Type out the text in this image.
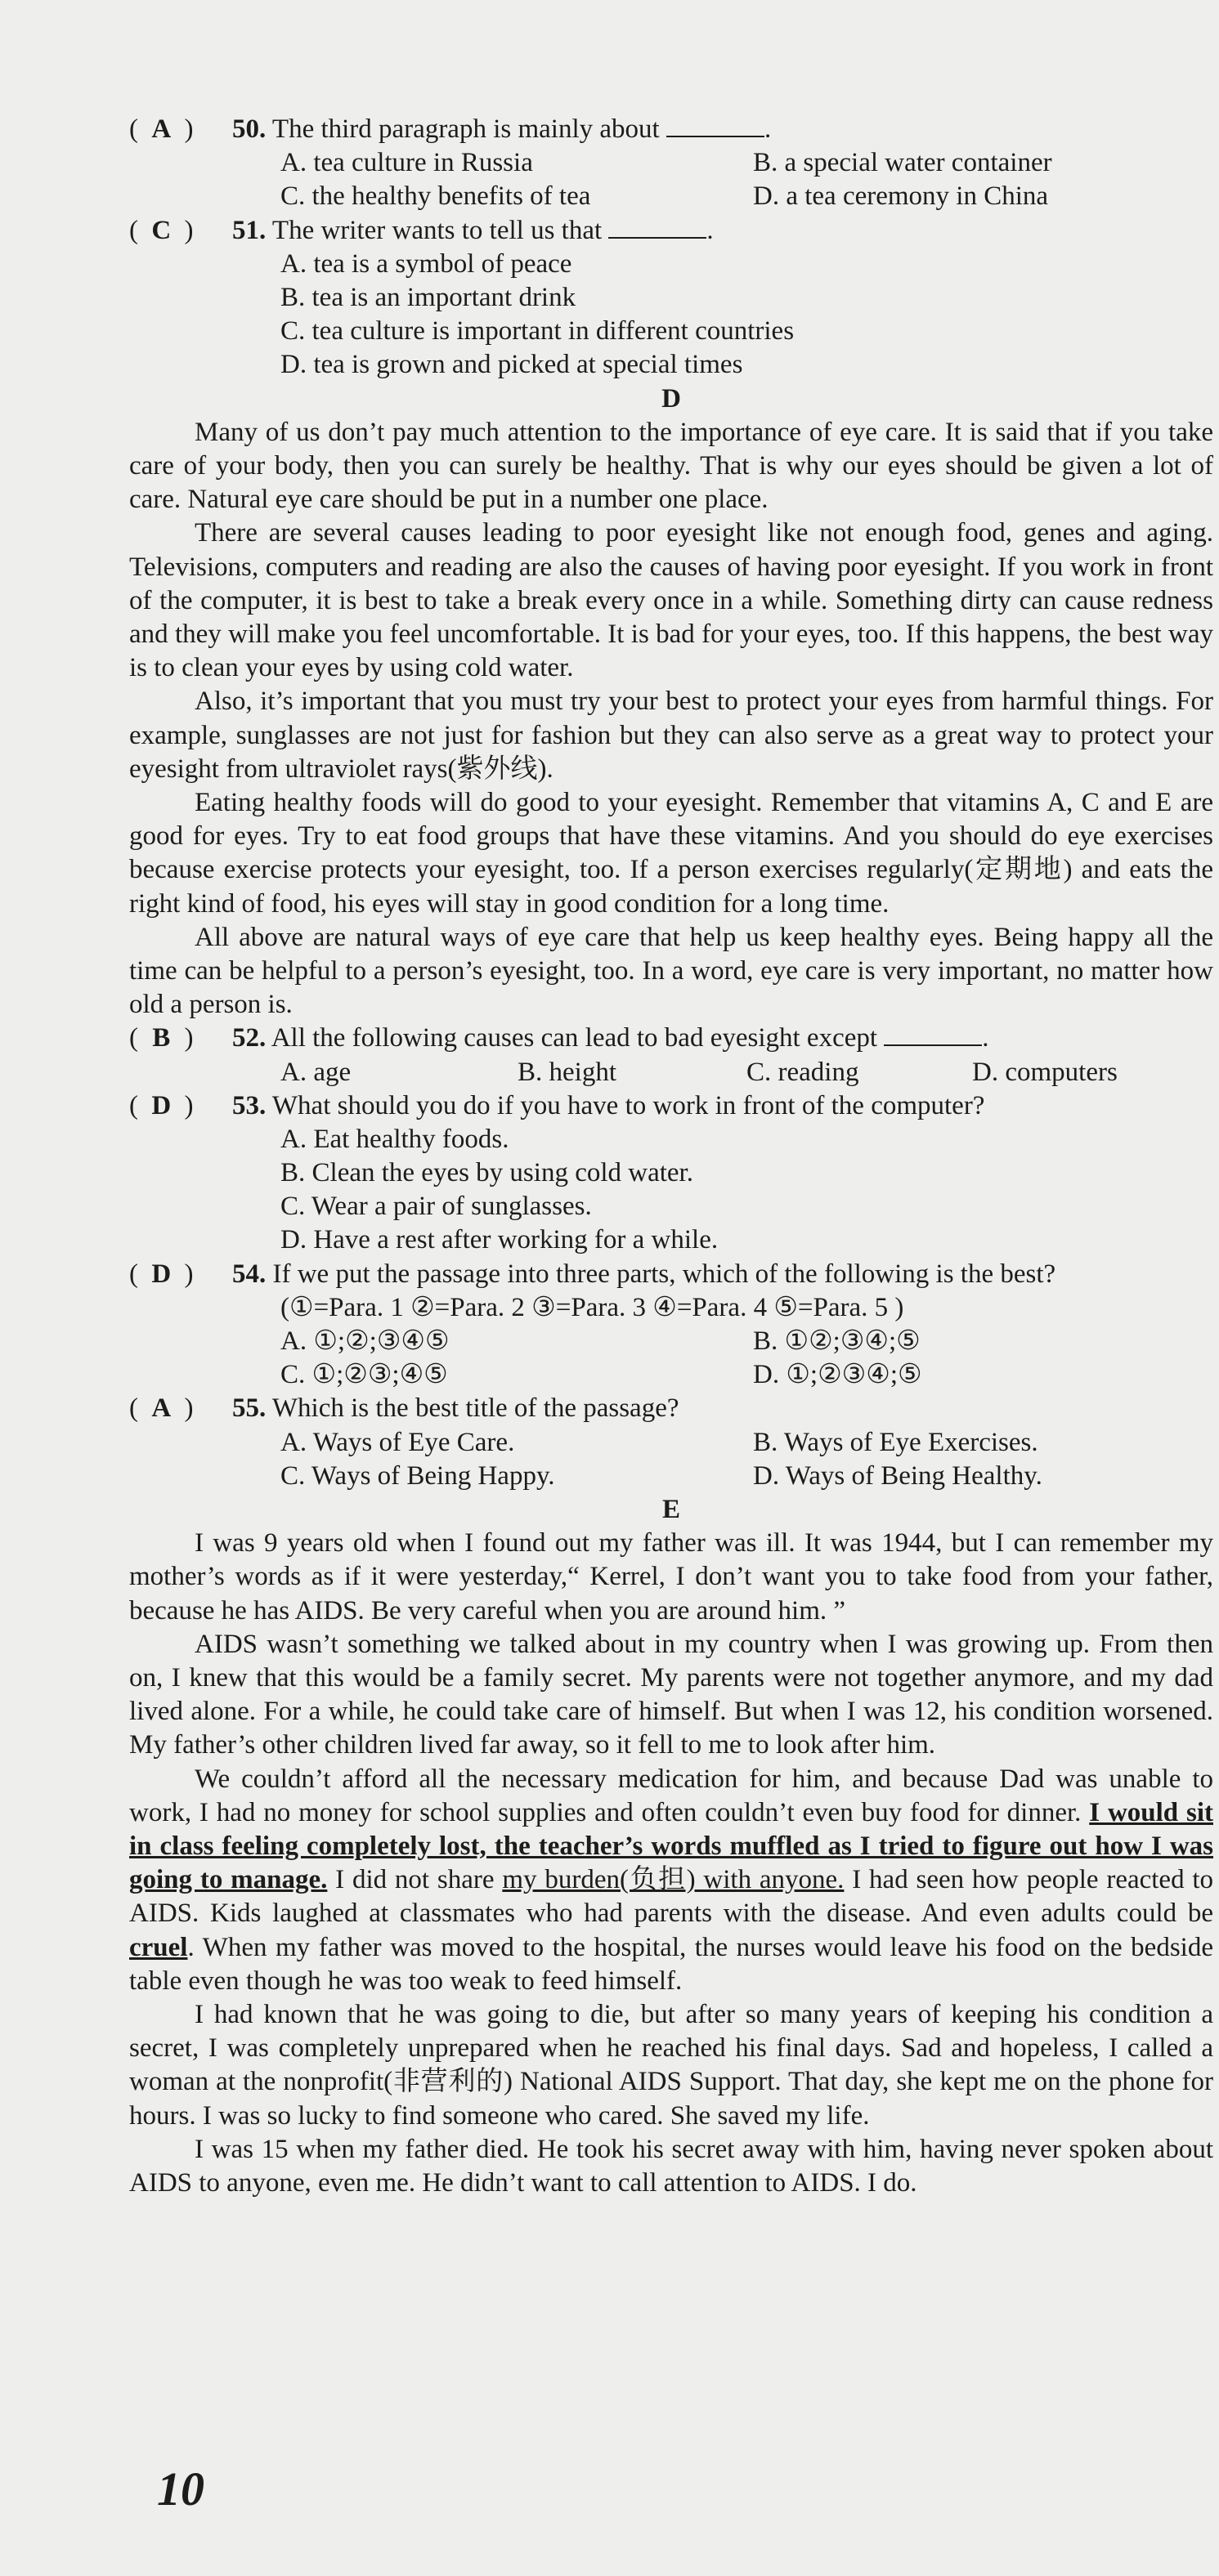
( A ) 50. The third paragraph is mainly about	.
A. tea culture in Russia	B. a special water container
C. the healthy benefits of tea	D. a tea ceremony in China
( C ) 51. The writer wants to tell us that	.
A. tea is a symbol of peace
B. tea is an important drink
C. tea culture is important in different countries
D. tea is grown and picked at special times
D

Many of us don’t pay much attention to the importance of eye care. It is said that if you take care of your body, then you can surely be healthy. That is why our eyes should be given a lot of care. Natural eye care should be put in a number one place.

There are several causes leading to poor eyesight like not enough food, genes and aging. Televisions, computers and reading are also the causes of having poor eyesight. If you work in front of the computer, it is best to take a break every once in a while. Something dirty can cause redness and they will make you feel uncomfortable. It is bad for your eyes, too. If this happens, the best way is to clean your eyes by using cold water.

Also, it’s important that you must try your best to protect your eyes from harmful things. For example, sunglasses are not just for fashion but they can also serve as a great way to protect your eyesight from ultraviolet rays(紫外线).

Eating healthy foods will do good to your eyesight. Remember that vitamins A, C and E are good for eyes. Try to eat food groups that have these vitamins. And you should do eye exercises because exercise protects your eyesight, too. If a person exercises regularly(定期地) and eats the right kind of food, his eyes will stay in good condition for a long time.

All above are natural ways of eye care that help us keep healthy eyes. Being happy all the time can be helpful to a person’s eyesight, too. In a word, eye care is very important, no matter how old a person is.

( B ) 52. All the following causes can lead to bad eyesight except	.
A. age	B. height	C. reading	D. computers
( D ) 53. What should you do if you have to work in front of the computer?
A. Eat healthy foods.
B. Clean the eyes by using cold water.
C. Wear a pair of sunglasses.
D. Have a rest after working for a while.
( D ) 54. If we put the passage into three parts, which of the following is the best?
(①=Para. 1 ②=Para. 2 ③=Para. 3 ④=Para. 4 ⑤=Para. 5 )
A. ①;②;③④⑤	B. ①②;③④;⑤
C. ①;②③;④⑤	D. ①;②③④;⑤
( A ) 55. Which is the best title of the passage?
A. Ways of Eye Care.	B. Ways of Eye Exercises.
C. Ways of Being Happy.	D. Ways of Being Healthy.
E

I was 9 years old when I found out my father was ill. It was 1944, but I can remember my mother’s words as if it were yesterday,“ Kerrel, I don’t want you to take food from your father, because he has AIDS. Be very careful when you are around him. ”

AIDS wasn’t something we talked about in my country when I was growing up. From then on, I knew that this would be a family secret. My parents were not together anymore, and my dad lived alone. For a while, he could take care of himself. But when I was 12, his condition worsened. My father’s other children lived far away, so it fell to me to look after him.

We couldn’t afford all the necessary medication for him, and because Dad was unable to work, I had no money for school supplies and often couldn’t even buy food for dinner. I would sit in class feeling completely lost, the teacher’s words muffled as I tried to figure out how I was going to manage. I did not share my burden(负担) with anyone. I had seen how people reacted to AIDS. Kids laughed at classmates who had parents with the disease. And even adults could be cruel. When my father was moved to the hospital, the nurses would leave his food on the bedside table even though he was too weak to feed himself.

I had known that he was going to die, but after so many years of keeping his condition a secret, I was completely unprepared when he reached his final days. Sad and hopeless, I called a woman at the nonprofit(非营利的) National AIDS Support. That day, she kept me on the phone for hours. I was so lucky to find someone who cared. She saved my life.

I was 15 when my father died. He took his secret away with him, having never spoken about AIDS to anyone, even me. He didn’t want to call attention to AIDS. I do.

10
